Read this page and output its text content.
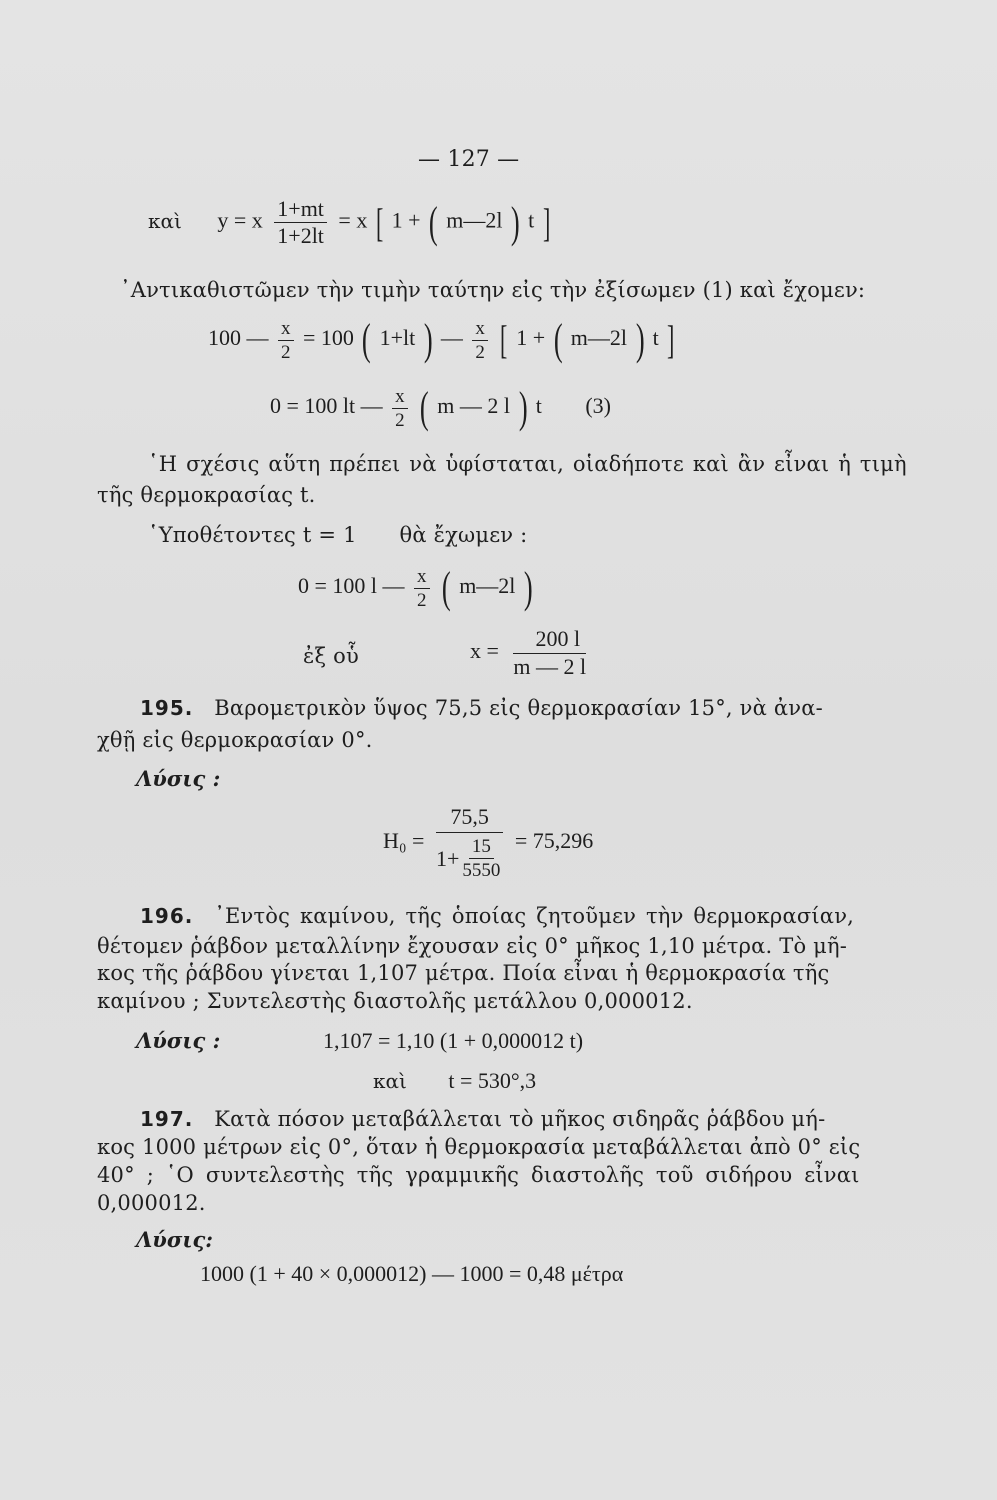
— 127 —
καὶ y = x $\frac{1+mt}{1+2lt} = x$ [ 1 + ( m—2l ) t ]
᾿Αντικαθιστῶμεν τὴν τιμὴν ταύτην εἰς τὴν ἐξίσωμεν (1) καὶ ἔχομεν:
100 — $\frac{x}{2} = 100$ ( 1+lt ) — $\frac{x}{2}$ [ 1 + ( m—2l ) t ]
0 = 100 lt — $\frac{x}{2}$ ( m — 2 l ) t (3)
῾Η σχέσις αὕτη πρέπει νὰ ὑφίσταται, οἱαδήποτε καὶ ἂν εἶναι ἡ τιμὴ
τῆς θερμοκρασίας t.
῾Υποθέτοντες t = 1 θὰ ἔχωμεν :
0 = 100 l — $\frac{x}{2}$ ( m—2l )
ἐξ οὗ	$x = \frac{200 l}{m — 2 l}$
195. Βαρομετρικὸν ὕψος 75,5 εἰς θερμοκρασίαν 15°, νὰ ἀνα-
χθῇ εἰς θερμοκρασίαν 0°.
Λύσις :
$H_0 = \frac{75,5}{1+ \frac{15}{5550}} = 75,296$
196. ᾿Εντὸς καμίνου, τῆς ὁποίας ζητοῦμεν τὴν θερμοκρασίαν,
θέτομεν ῥάβδον μεταλλίνην ἔχουσαν εἰς 0° μῆκος 1,10 μέτρα. Τὸ μῆ-
κος τῆς ῥάβδου γίνεται 1,107 μέτρα. Ποία εἶναι ἡ θερμοκρασία τῆς
καμίνου ; Συντελεστὴς διαστολῆς μετάλλου 0,000012.
Λύσις :	1,107 = 1,10 (1 + 0,000012 t)
καὶ t = 530°,3
197. Κατὰ πόσον μεταβάλλεται τὸ μῆκος σιδηρᾶς ῥάβδου μή-
κος 1000 μέτρων εἰς 0°, ὅταν ἡ θερμοκρασία μεταβάλλεται ἀπὸ 0° εἰς
40° ; ῾Ο συντελεστὴς τῆς γραμμικῆς διαστολῆς τοῦ σιδήρου εἶναι
0,000012.
Λύσις:
1000 (1 + 40 × 0,000012) — 1000 = 0,48 μέτρα
